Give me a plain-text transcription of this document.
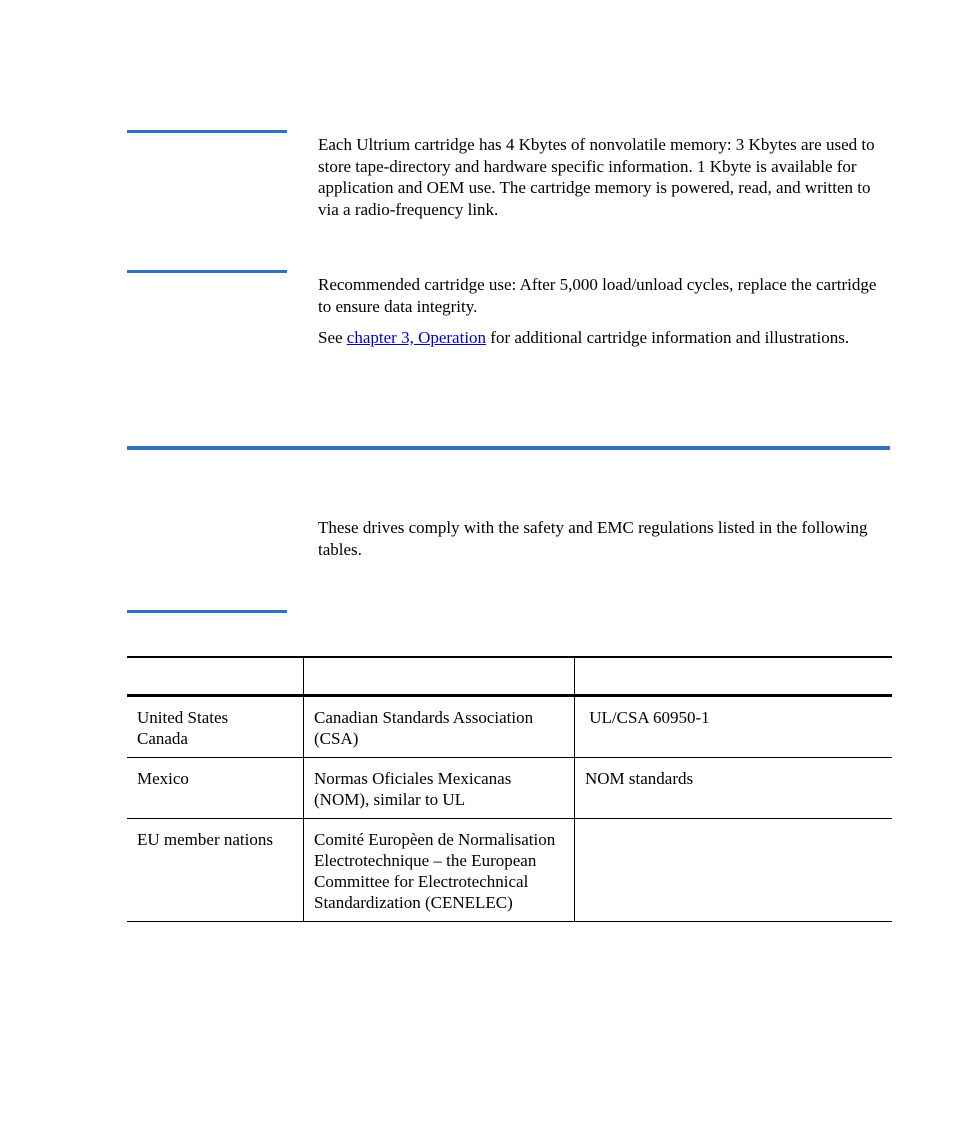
Each Ultrium cartridge has 4 Kbytes of nonvolatile memory: 3 Kbytes are used to store tape-directory and hardware specific information. 1 Kbyte is available for application and OEM use. The cartridge memory is powered, read, and written to via a radio-frequency link.

Recommended cartridge use: After 5,000 load/unload cycles, replace the cartridge to ensure data integrity.

See chapter 3, Operation for additional cartridge information and illustrations.

These drives comply with the safety and EMC regulations listed in the following tables.

United States
Canada	Canadian Standards Association (CSA)	UL/CSA 60950-1
Mexico	Normas Oficiales Mexicanas (NOM), similar to UL	NOM standards
EU member nations	Comité Europèen de Normalisation Electrotechnique – the European Committee for Electrotechnical Standardization (CENELEC)	
